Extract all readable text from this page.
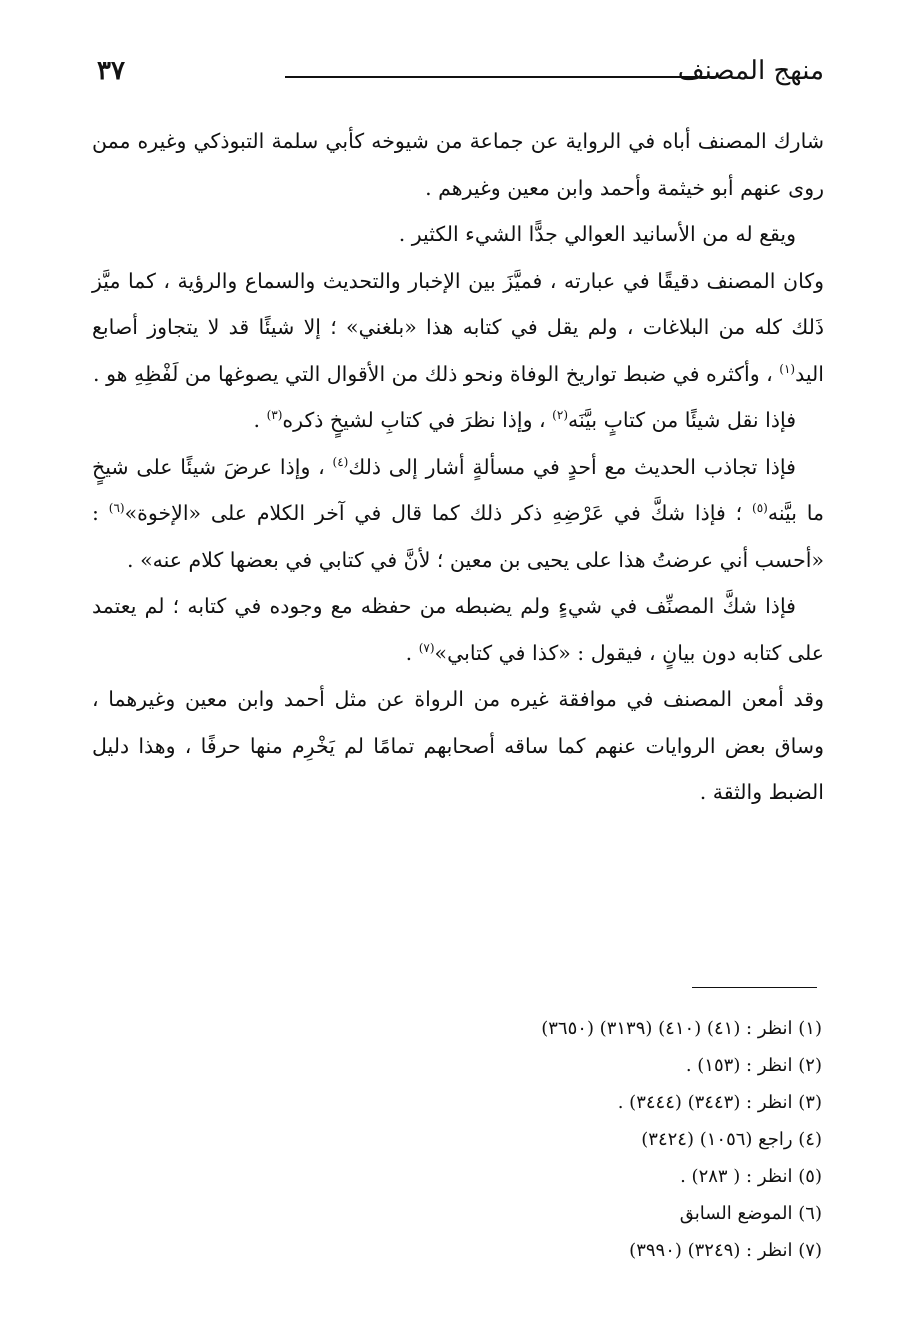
منهج المصنف
٣٧

شارك المصنف أباه في الرواية عن جماعة من شيوخه كأبي سلمة التبوذكي وغيره ممن روى عنهم أبو خيثمة وأحمد وابن معين وغيرهم .

ويقع له من الأسانيد العوالي جدًّا الشيء الكثير .

وكان المصنف دقيقًا في عبارته ، فميَّزَ بين الإخبار والتحديث والسماع والرؤية ، كما ميَّز ذَلك كله من البلاغات ، ولم يقل في كتابه هذا «بلغني» ؛ إلا شيئًا قد لا يتجاوز أصابع اليد$^{(١)}$ ، وأكثره في ضبط تواريخ الوفاة ونحو ذلك من الأقوال التي يصوغها من لَفْظِهِ هو .

فإذا نقل شيئًا من كتابٍ بيَّنَه$^{(٢)}$ ، وإذا نظرَ في كتابِ لشيخٍ ذكره$^{(٣)}$ .

فإذا تجاذب الحديث مع أحدٍ في مسألةٍ أشار إلى ذلك$^{(٤)}$ ، وإذا عرضَ شيئًا على شيخٍ ما بيَّنه$^{(٥)}$ ؛ فإذا شكَّ في عَرْضِهِ ذكر ذلك كما قال في آخر الكلام على «الإخوة»$^{(٦)}$ : «أحسب أني عرضتُ هذا على يحيى بن معين ؛ لأنَّ في كتابي في بعضها كلام عنه» .

فإذا شكَّ المصنِّف في شيءٍ ولم يضبطه من حفظه مع وجوده في كتابه ؛ لم يعتمد على كتابه دون بيانٍ ، فيقول : «كذا في كتابي»$^{(٧)}$ .

وقد أمعن المصنف في موافقة غيره من الرواة عن مثل أحمد وابن معين وغيرهما ، وساق بعض الروايات عنهم كما ساقه أصحابهم تمامًا لم يَخْرِم منها حرفًا ، وهذا دليل الضبط والثقة .

(١) انظر : (٤١) (٤١٠) (٣١٣٩) (٣٦٥٠)
(٢) انظر : (١٥٣) .
(٣) انظر : (٣٤٤٣) (٣٤٤٤) .
(٤) راجع (١٠٥٦) (٣٤٢٤)
(٥) انظر : ( ٢٨٣) .
(٦) الموضع السابق
(٧) انظر : (٣٢٤٩) (٣٩٩٠)
